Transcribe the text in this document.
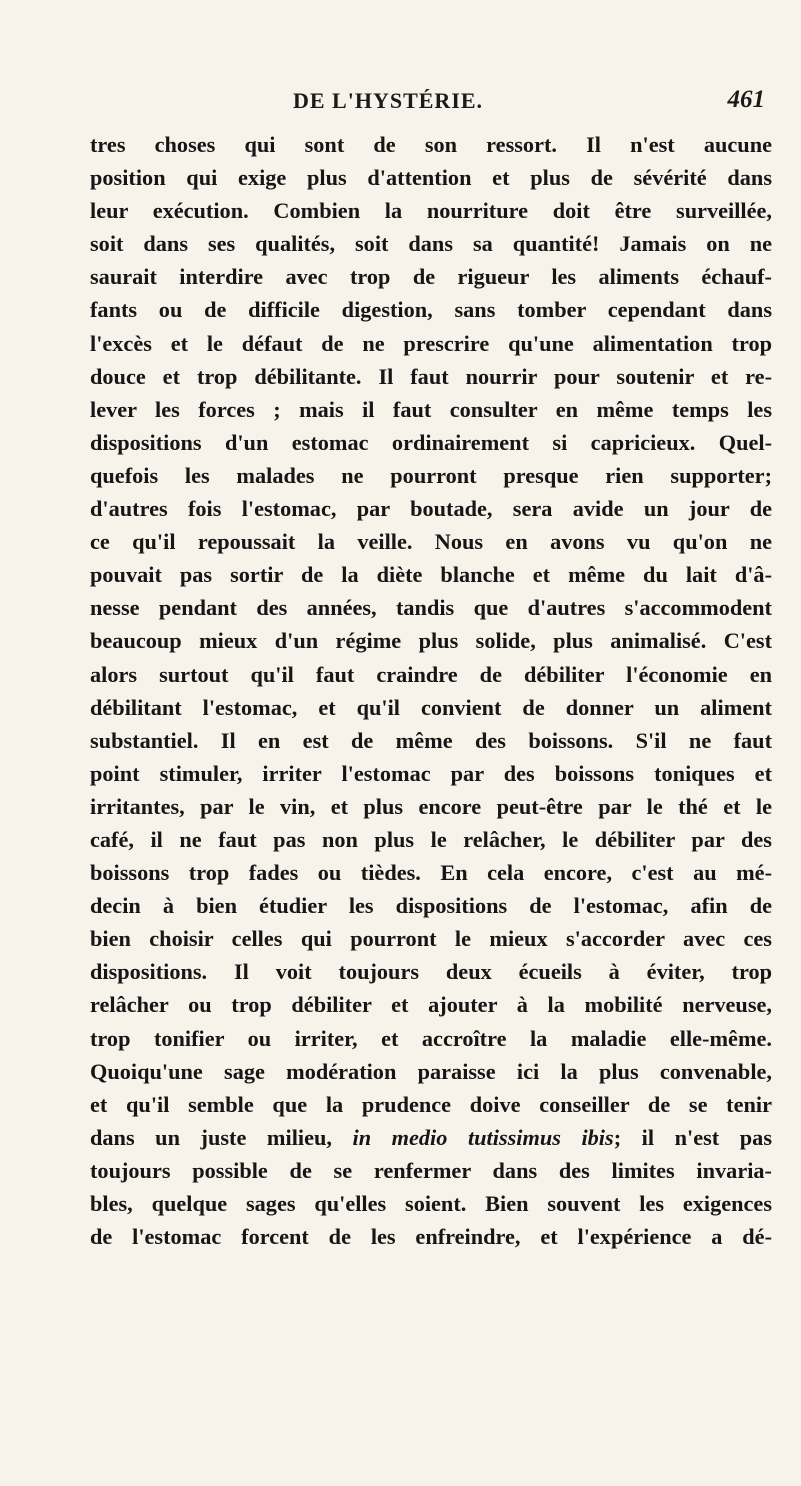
DE L'HYSTÉRIE.	461
tres choses qui sont de son ressort. Il n'est aucune
position qui exige plus d'attention et plus de sévérité dans
leur exécution. Combien la nourriture doit être surveillée,
soit dans ses qualités, soit dans sa quantité! Jamais on ne
saurait interdire avec trop de rigueur les aliments échauf-
fants ou de difficile digestion, sans tomber cependant dans
l'excès et le défaut de ne prescrire qu'une alimentation trop
douce et trop débilitante. Il faut nourrir pour soutenir et re-
lever les forces ; mais il faut consulter en même temps les
dispositions d'un estomac ordinairement si capricieux. Quel-
quefois les malades ne pourront presque rien supporter;
d'autres fois l'estomac, par boutade, sera avide un jour de
ce qu'il repoussait la veille. Nous en avons vu qu'on ne
pouvait pas sortir de la diète blanche et même du lait d'â-
nesse pendant des années, tandis que d'autres s'accommodent
beaucoup mieux d'un régime plus solide, plus animalisé. C'est
alors surtout qu'il faut craindre de débiliter l'économie en
débilitant l'estomac, et qu'il convient de donner un aliment
substantiel. Il en est de même des boissons. S'il ne faut
point stimuler, irriter l'estomac par des boissons toniques et
irritantes, par le vin, et plus encore peut-être par le thé et le
café, il ne faut pas non plus le relâcher, le débiliter par des
boissons trop fades ou tièdes. En cela encore, c'est au mé-
decin à bien étudier les dispositions de l'estomac, afin de
bien choisir celles qui pourront le mieux s'accorder avec ces
dispositions. Il voit toujours deux écueils à éviter, trop
relâcher ou trop débiliter et ajouter à la mobilité nerveuse,
trop tonifier ou irriter, et accroître la maladie elle-même.
Quoiqu'une sage modération paraisse ici la plus convenable,
et qu'il semble que la prudence doive conseiller de se tenir
dans un juste milieu, in medio tutissimus ibis; il n'est pas
toujours possible de se renfermer dans des limites invaria-
bles, quelque sages qu'elles soient. Bien souvent les exigences
de l'estomac forcent de les enfreindre, et l'expérience a dé-
